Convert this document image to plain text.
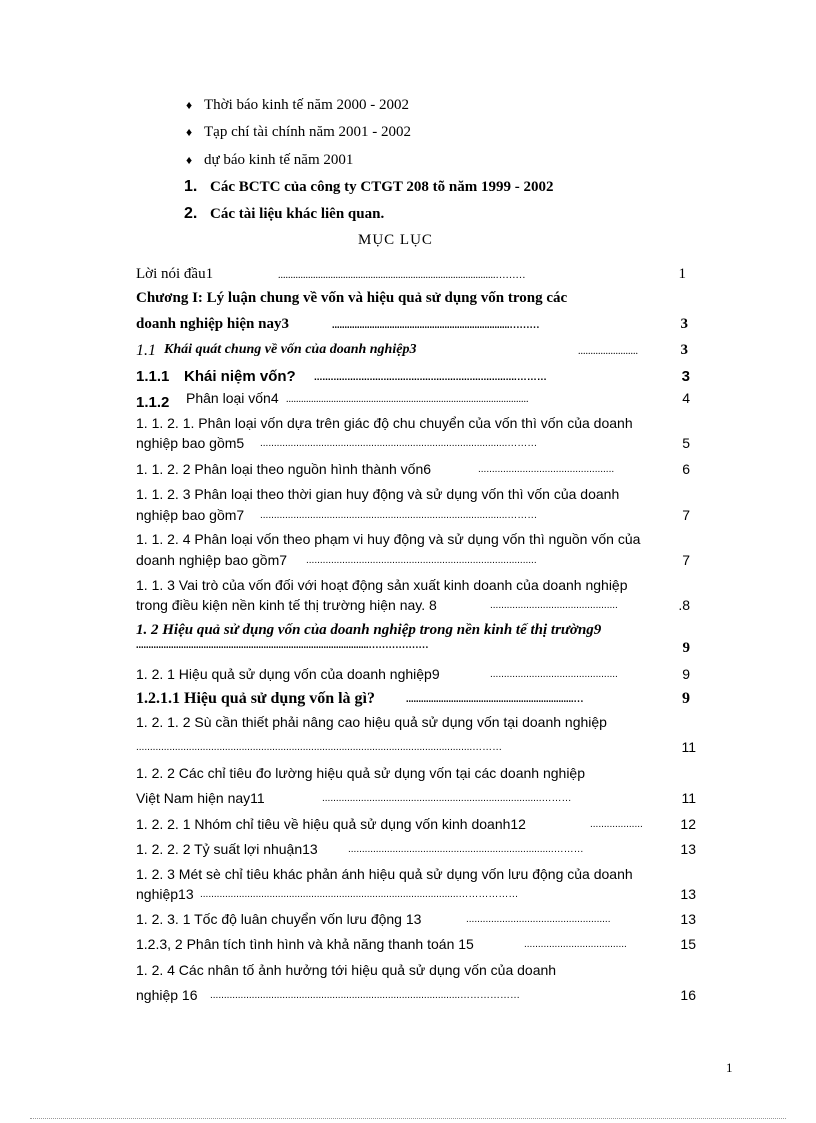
♦ Thời báo kinh tế năm 2000 - 2002
♦ Tạp chí tài chính năm 2001 - 2002
♦ dự báo kinh tế năm 2001
1. Các BCTC của công ty CTGT 208 tõ năm 1999 - 2002
2. Các tài liệu khác liên quan.
MỤC LỤC
Lời nói đầu1	.......................................................................................………	1
Chương I: Lý luận chung về vốn và hiệu quả sử dụng vốn trong các
doanh nghiệp hiện nay3	.......................................................................………	3
1.1 Khái quát chung về vốn của doanh nghiệp3	........................	3
1.1.1 Khái niệm vốn? .........................................................................………	3
1.1.2 Phân loại vốn4 .................................................................................................	4
1. 1. 2. 1. Phân loại vốn dựa trên giác độ chu chuyển của vốn thì vốn của doanh
nghiệp bao gồm5 .........................................................................................………	5
1. 1. 2. 2 Phân loại theo nguồn hình thành vốn6	.................................................	6
1. 1. 2. 3 Phân loại theo thời gian huy động và sử dụng vốn thì vốn của doanh
nghiệp bao gồm7 .........................................................................................………	7
1. 1. 2. 4 Phân loại vốn theo phạm vi huy động và sử dụng vốn thì nguồn vốn của
doanh nghiệp bao gồm7 ...................................................................................	7
1. 1. 3 Vai trò của vốn đối với hoạt động sản xuất kinh doanh của doanh nghiệp
trong điều kiện nền kinh tế thị trường hiện nay. 8	..............................................	.8
1. 2 Hiệu quả sử dụng vốn của doanh nghiệp trong nền kinh tế thị trường9
.............................................................................................………………	9
1. 2. 1 Hiệu quả sử dụng vốn của doanh nghiệp9	..............................................	9
1.2.1.1 Hiệu quả sử dụng vốn là gì?	...................................................................…	9
1. 2. 1. 2 Sù cần thiết phải nâng cao hiệu quả sử dụng vốn tại doanh nghiệp
.........................................................................................................................………	11
1. 2. 2 Các chỉ tiêu đo lường hiệu quả sử dụng vốn tại các doanh nghiệp
Việt Nam hiện nay11	...............................................................................………	11
1. 2. 2. 1 Nhóm chỉ tiêu về hiệu quả sử dụng vốn kinh doanh12	...................	12
1. 2. 2. 2 Tỷ suất lợi nhuận13	..........................................................................………	13
1. 2. 3 Mét sè chỉ tiêu khác phản ánh hiệu quả sử dụng vốn lưu động của doanh
nghiệp13 .............................................................................................………………	13
1. 2. 3. 1 Tốc độ luân chuyển vốn lưu động 13	....................................................	13
1.2.3, 2 Phân tích tình hình và khả năng thanh toán 15	.....................................	15
1. 2. 4 Các nhân tố ảnh hưởng tới hiệu quả sử dụng vốn của doanh
nghiệp 16 ..........................................................................................………………	16
1
